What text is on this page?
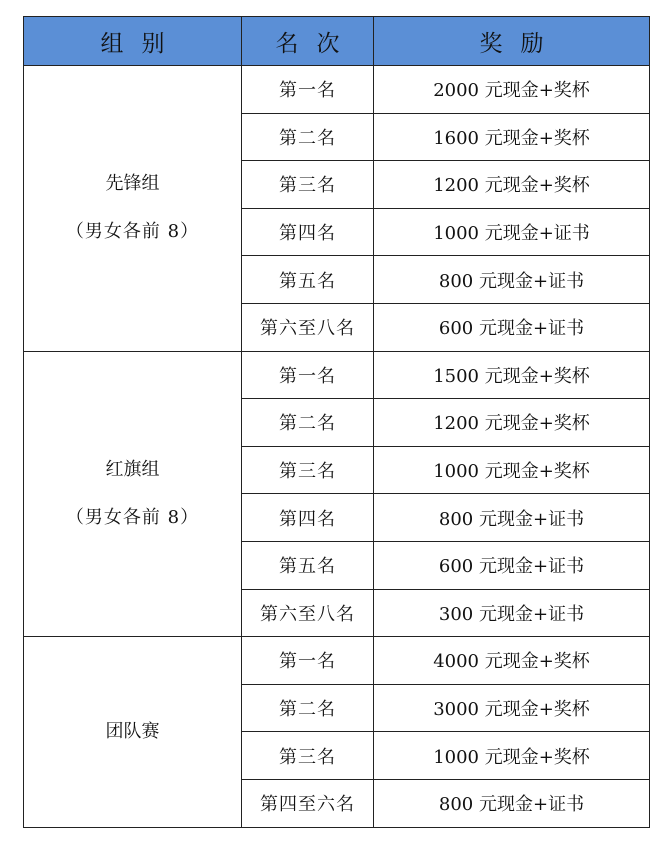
组别	名次	奖励

先锋组
（男女各前 8）	第一名	2000 元现金+奖杯
	第二名	1600 元现金+奖杯
	第三名	1200 元现金+奖杯
	第四名	1000 元现金+证书
	第五名	800 元现金+证书
	第六至八名	600 元现金+证书

红旗组
（男女各前 8）	第一名	1500 元现金+奖杯
	第二名	1200 元现金+奖杯
	第三名	1000 元现金+奖杯
	第四名	800 元现金+证书
	第五名	600 元现金+证书
	第六至八名	300 元现金+证书

团队赛	第一名	4000 元现金+奖杯
	第二名	3000 元现金+奖杯
	第三名	1000 元现金+奖杯
	第四至六名	800 元现金+证书
